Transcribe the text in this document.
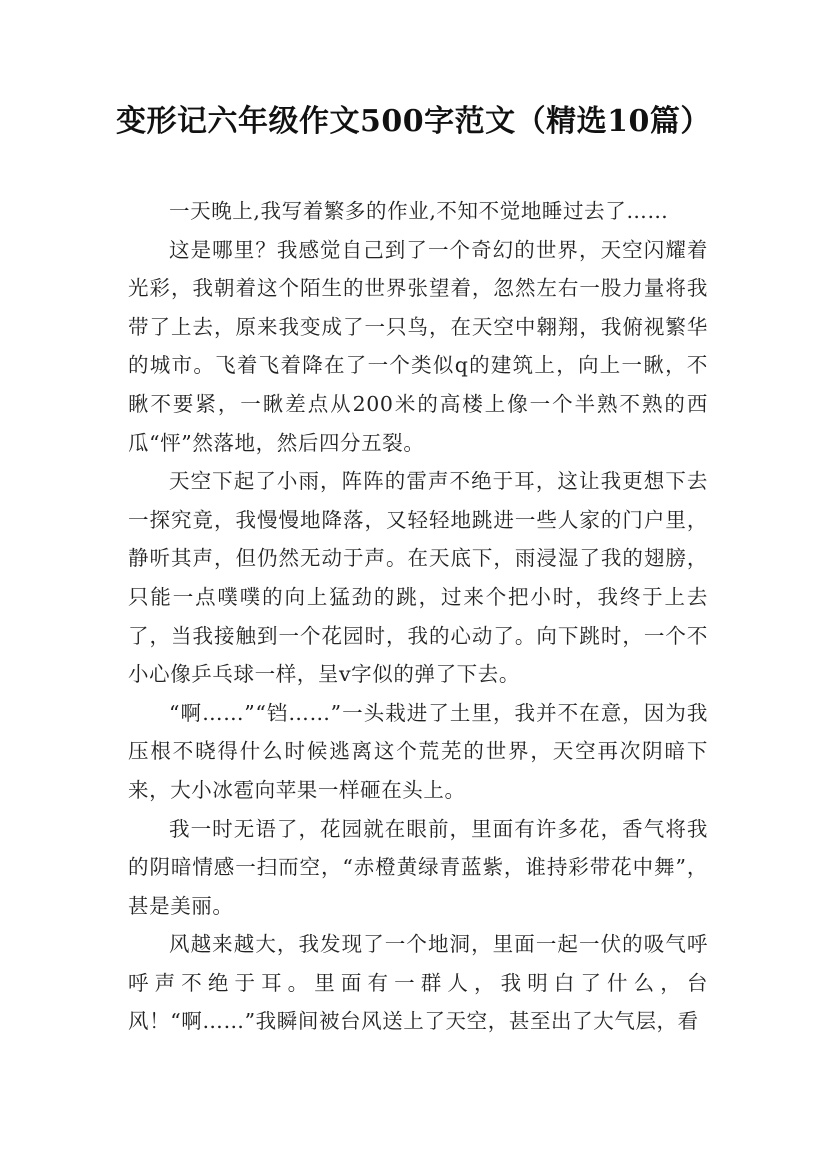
变形记六年级作文500字范文（精选10篇）

一天晚上,我写着繁多的作业,不知不觉地睡过去了……

这是哪里？我感觉自己到了一个奇幻的世界，天空闪耀着光彩，我朝着这个陌生的世界张望着，忽然左右一股力量将我带了上去，原来我变成了一只鸟，在天空中翱翔，我俯视繁华的城市。飞着飞着降在了一个类似q的建筑上，向上一瞅，不瞅不要紧，一瞅差点从200米的高楼上像一个半熟不熟的西瓜“怦”然落地，然后四分五裂。

天空下起了小雨，阵阵的雷声不绝于耳，这让我更想下去一探究竟，我慢慢地降落，又轻轻地跳进一些人家的门户里，静听其声，但仍然无动于声。在天底下，雨浸湿了我的翅膀，只能一点噗噗的向上猛劲的跳，过来个把小时，我终于上去了，当我接触到一个花园时，我的心动了。向下跳时，一个不小心像乒乓球一样，呈v字似的弹了下去。

“啊……”“铛……”一头栽进了土里，我并不在意，因为我压根不晓得什么时候逃离这个荒芜的世界，天空再次阴暗下来，大小冰雹向苹果一样砸在头上。

我一时无语了，花园就在眼前，里面有许多花，香气将我的阴暗情感一扫而空，“赤橙黄绿青蓝紫，谁持彩带花中舞”，甚是美丽。

风越来越大，我发现了一个地洞，里面一起一伏的吸气呼呼声不绝于耳。里面有一群人，我明白了什么，台风！“啊……”我瞬间被台风送上了天空，甚至出了大气层，看
